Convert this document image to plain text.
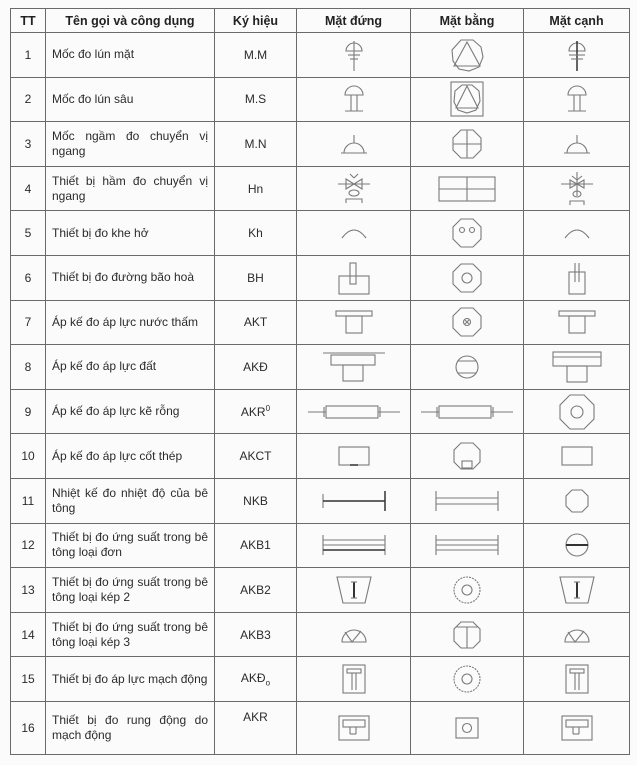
TT	Tên gọi và công dụng	Ký hiệu	Mặt đứng	Mặt bằng	Mặt cạnh
1	Mốc đo lún mặt	M.M			
2	Mốc đo lún sâu	M.S			
3	Mốc ngầm đo chuyển vị ngang	M.N			
4	Thiết bị hầm đo chuyển vị ngang	Hn			
5	Thiết bị đo khe hở	Kh			
6	Thiết bị đo đường bão hoà	BH			
7	Áp kế đo áp lực nước thấm	AKT			
8	Áp kế đo áp lực đất	AKĐ			
9	Áp kế đo áp lực kẽ rỗng	AKR$^0$			
10	Áp kế đo áp lực cốt thép	AKCT			
11	Nhiệt kế đo nhiệt độ của bê tông	NKB			
12	Thiết bị đo ứng suất trong bê tông loại đơn	AKB1			
13	Thiết bị đo ứng suất trong bê tông loại kép 2	AKB2			
14	Thiết bị đo ứng suất trong bê tông loại kép 3	AKB3			
15	Thiết bị đo áp lực mạch động	$AKĐ_o$			
16	Thiết bị đo rung động do mạch động	AKR			
